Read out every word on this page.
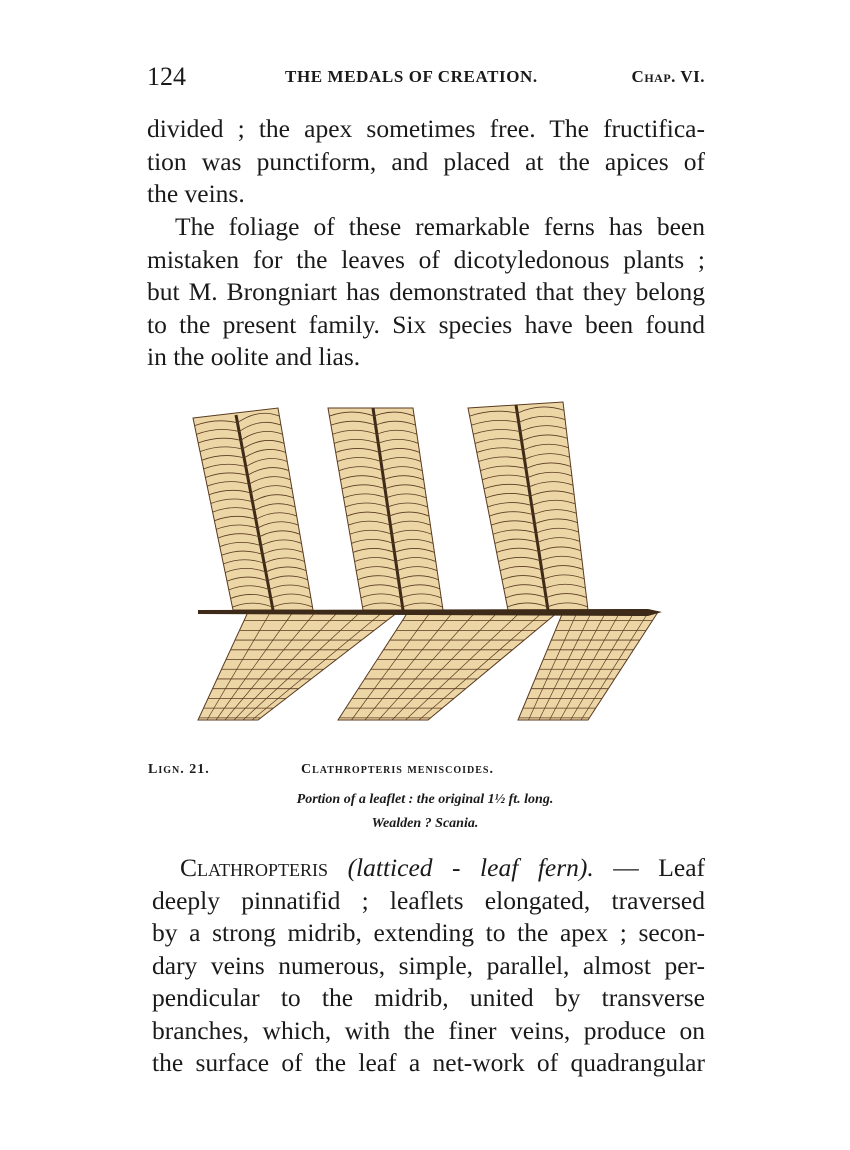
124	THE MEDALS OF CREATION.	Chap. VI.
divided ; the apex sometimes free. The fructifica-
tion was punctiform, and placed at the apices of
the veins.
The foliage of these remarkable ferns has been
mistaken for the leaves of dicotyledonous plants ;
but M. Brongniart has demonstrated that they belong
to the present family. Six species have been found
in the oolite and lias.
Lign. 21.	Clathropteris meniscoides.
Portion of a leaflet : the original 1½ ft. long.
Wealden ? Scania.
Clathropteris (latticed - leaf fern). — Leaf
deeply pinnatifid ; leaflets elongated, traversed
by a strong midrib, extending to the apex ; secon-
dary veins numerous, simple, parallel, almost per-
pendicular to the midrib, united by transverse
branches, which, with the finer veins, produce on
the surface of the leaf a net-work of quadrangular
